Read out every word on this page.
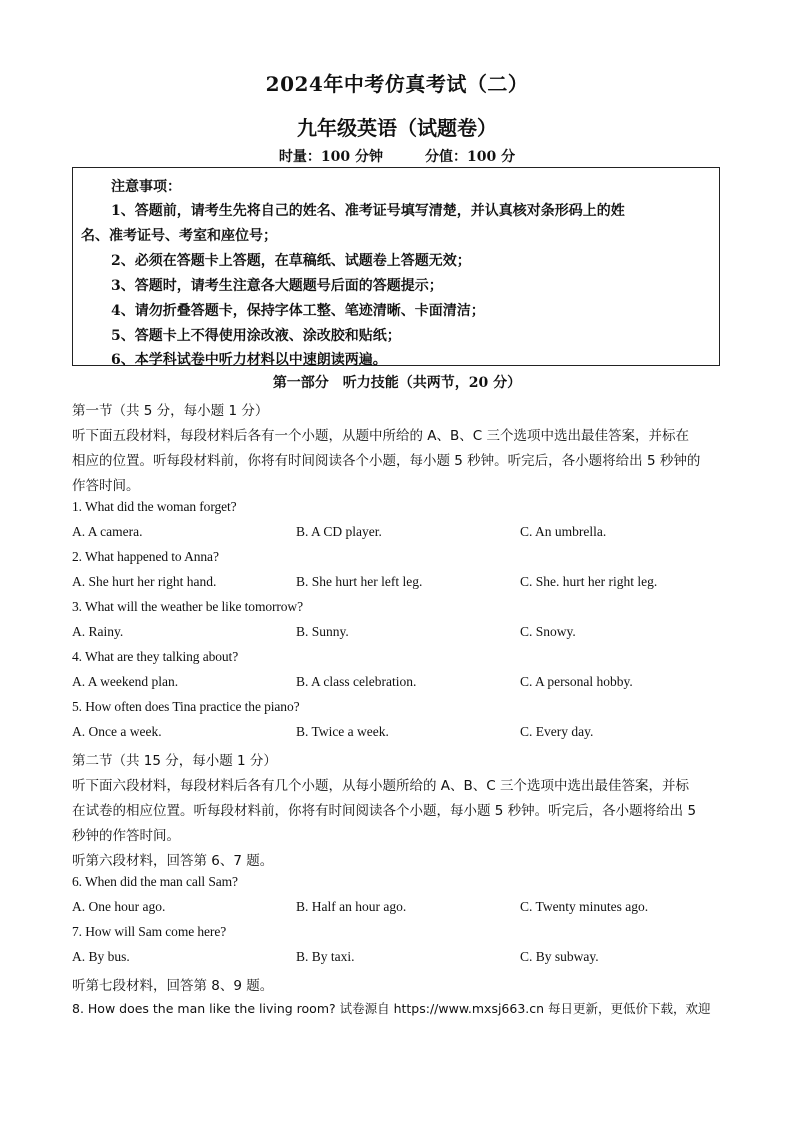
2024年中考仿真考试（二）
九年级英语（试题卷）
时量：100 分钟	分值：100 分
注意事项：
1、答题前，请考生先将自己的姓名、准考证号填写清楚，并认真核对条形码上的姓
名、准考证号、考室和座位号；
2、必须在答题卡上答题，在草稿纸、试题卷上答题无效；
3、答题时，请考生注意各大题题号后面的答题提示；
4、请勿折叠答题卡，保持字体工整、笔迹清晰、卡面清洁；
5、答题卡上不得使用涂改液、涂改胶和贴纸；
6、本学科试卷中听力材料以中速朗读两遍。
第一部分　听力技能（共两节，20 分）
第一节（共 5 分，每小题 1 分）
听下面五段材料，每段材料后各有一个小题，从题中所给的 A、B、C 三个选项中选出最佳答案，并标在
相应的位置。听每段材料前，你将有时间阅读各个小题，每小题 5 秒钟。听完后，各小题将给出 5 秒钟的
作答时间。
1. What did the woman forget?
A. A camera.	B. A CD player.	C. An umbrella.
2. What happened to Anna?
A. She hurt her right hand.	B. She hurt her left leg.	C. She. hurt her right leg.
3. What will the weather be like tomorrow?
A. Rainy.	B. Sunny.	C. Snowy.
4. What are they talking about?
A. A weekend plan.	B. A class celebration.	C. A personal hobby.
5. How often does Tina practice the piano?
A. Once a week.	B. Twice a week.	C. Every day.
第二节（共 15 分，每小题 1 分）
听下面六段材料，每段材料后各有几个小题，从每小题所给的 A、B、C 三个选项中选出最佳答案，并标
在试卷的相应位置。听每段材料前，你将有时间阅读各个小题，每小题 5 秒钟。听完后，各小题将给出 5
秒钟的作答时间。
听第六段材料，回答第 6、7 题。
6. When did the man call Sam?
A. One hour ago.	B. Half an hour ago.	C. Twenty minutes ago.
7. How will Sam come here?
A. By bus.	B. By taxi.	C. By subway.
听第七段材料，回答第 8、9 题。
8. How does the man like the living room? 试卷源自 https://www.mxsj663.cn 每日更新，更低价下载，欢迎
